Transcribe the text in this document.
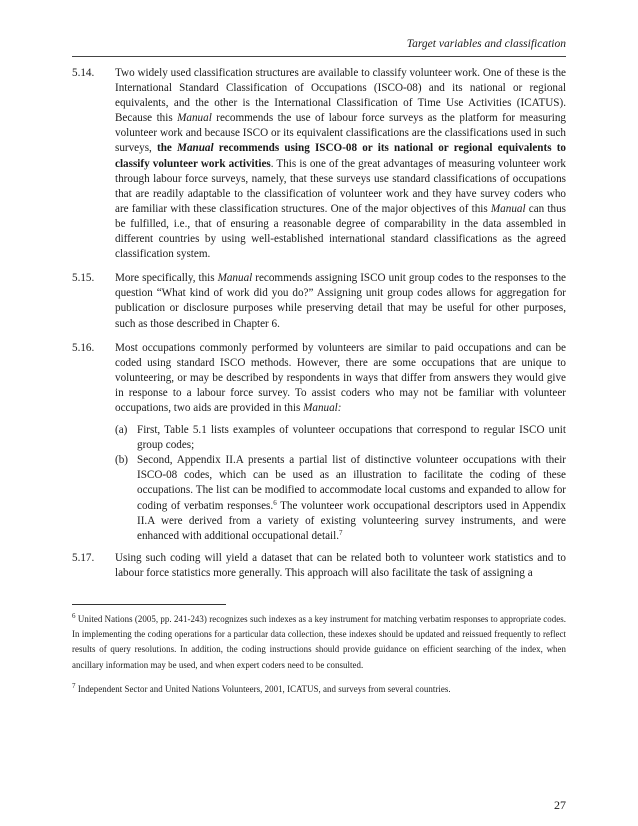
Target variables and classification

5.14. Two widely used classification structures are available to classify volunteer work. One of these is the International Standard Classification of Occupations (ISCO-08) and its national or regional equivalents, and the other is the International Classification of Time Use Activities (ICATUS). Because this Manual recommends the use of labour force surveys as the platform for measuring volunteer work and because ISCO or its equivalent classifications are the classifications used in such surveys, the Manual recommends using ISCO-08 or its national or regional equivalents to classify volunteer work activities. This is one of the great advantages of measuring volunteer work through labour force surveys, namely, that these surveys use standard classifications of occupations that are readily adaptable to the classification of volunteer work and they have survey coders who are familiar with these classification structures. One of the major objectives of this Manual can thus be fulfilled, i.e., that of ensuring a reasonable degree of comparability in the data assembled in different countries by using well-established international standard classifications as the agreed classification system.

5.15. More specifically, this Manual recommends assigning ISCO unit group codes to the responses to the question “What kind of work did you do?” Assigning unit group codes allows for aggregation for publication or disclosure purposes while preserving detail that may be useful for other purposes, such as those described in Chapter 6.

5.16. Most occupations commonly performed by volunteers are similar to paid occupations and can be coded using standard ISCO methods. However, there are some occupations that are unique to volunteering, or may be described by respondents in ways that differ from answers they would give in response to a labour force survey. To assist coders who may not be familiar with volunteer occupations, two aids are provided in this Manual:

(a) First, Table 5.1 lists examples of volunteer occupations that correspond to regular ISCO unit group codes;
(b) Second, Appendix II.A presents a partial list of distinctive volunteer occupations with their ISCO-08 codes, which can be used as an illustration to facilitate the coding of these occupations. The list can be modified to accommodate local customs and expanded to allow for coding of verbatim responses.$^6$ The volunteer work occupational descriptors used in Appendix II.A were derived from a variety of existing volunteering survey instruments, and were enhanced with additional occupational detail.$^7$

5.17. Using such coding will yield a dataset that can be related both to volunteer work statistics and to labour force statistics more generally. This approach will also facilitate the task of assigning a

$^6$ United Nations (2005, pp. 241-243) recognizes such indexes as a key instrument for matching verbatim responses to appropriate codes. In implementing the coding operations for a particular data collection, these indexes should be updated and reissued frequently to reflect results of query resolutions. In addition, the coding instructions should provide guidance on efficient searching of the index, when ancillary information may be used, and when expert coders need to be consulted.

$^7$ Independent Sector and United Nations Volunteers, 2001, ICATUS, and surveys from several countries.

27
